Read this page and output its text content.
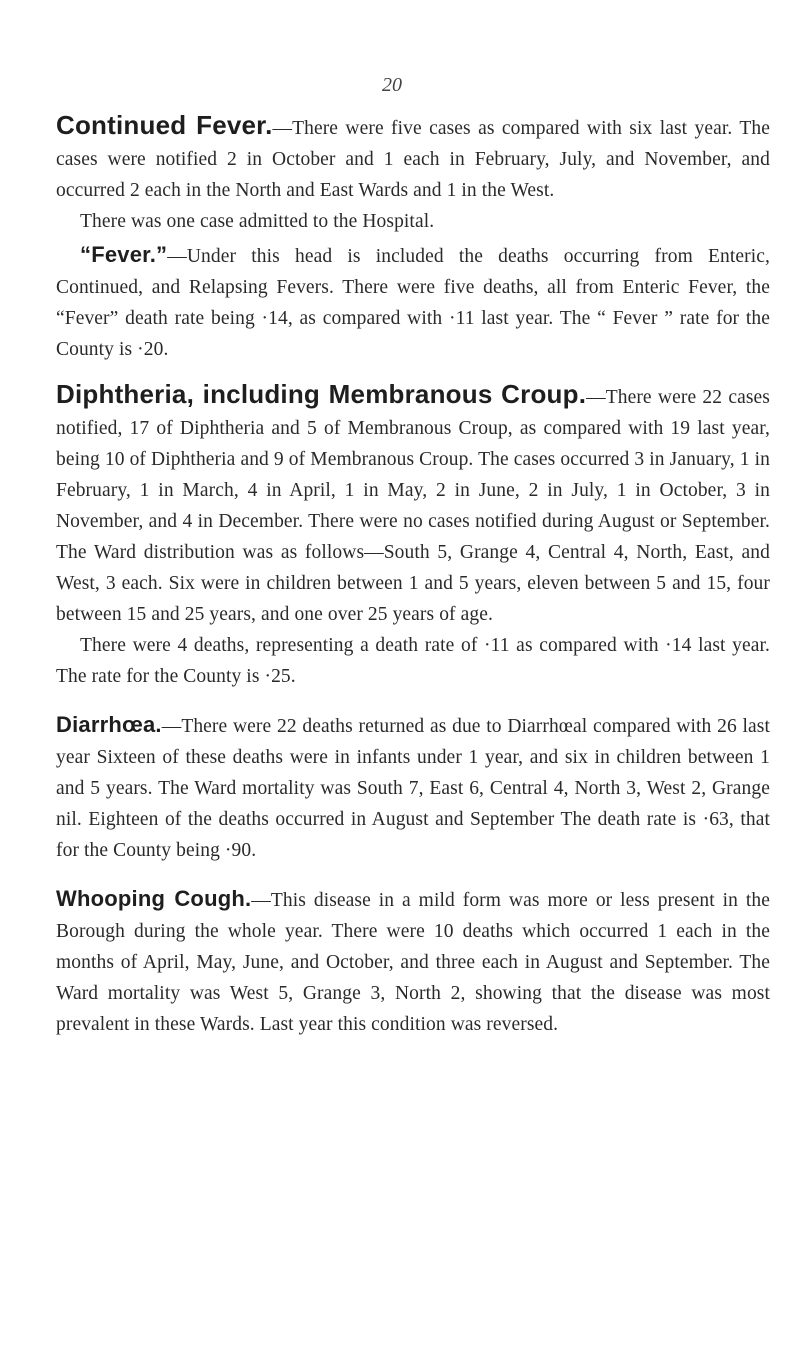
20

Continued Fever.—There were five cases as compared with six last year. The cases were notified 2 in October and 1 each in February, July, and November, and occurred 2 each in the North and East Wards and 1 in the West.

There was one case admitted to the Hospital.

“Fever.”—Under this head is included the deaths occurring from Enteric, Continued, and Relapsing Fevers. There were five deaths, all from Enteric Fever, the “Fever” death rate being ·14, as compared with ·11 last year. The “ Fever ” rate for the County is ·20.

Diphtheria, including Membranous Croup.—There were 22 cases notified, 17 of Diphtheria and 5 of Membranous Croup, as compared with 19 last year, being 10 of Diphtheria and 9 of Membranous Croup. The cases occurred 3 in January, 1 in February, 1 in March, 4 in April, 1 in May, 2 in June, 2 in July, 1 in October, 3 in November, and 4 in December. There were no cases notified during August or September. The Ward distribution was as follows—South 5, Grange 4, Central 4, North, East, and West, 3 each. Six were in children between 1 and 5 years, eleven between 5 and 15, four between 15 and 25 years, and one over 25 years of age.

There were 4 deaths, representing a death rate of ·11 as compared with ·14 last year. The rate for the County is ·25.

Diarrhœa.—There were 22 deaths returned as due to Diarrhœal compared with 26 last year Sixteen of these deaths were in infants under 1 year, and six in children between 1 and 5 years. The Ward mortality was South 7, East 6, Central 4, North 3, West 2, Grange nil. Eighteen of the deaths occurred in August and September The death rate is ·63, that for the County being ·90.

Whooping Cough.—This disease in a mild form was more or less present in the Borough during the whole year. There were 10 deaths which occurred 1 each in the months of April, May, June, and October, and three each in August and September. The Ward mortality was West 5, Grange 3, North 2, showing that the disease was most prevalent in these Wards. Last year this condition was reversed.
